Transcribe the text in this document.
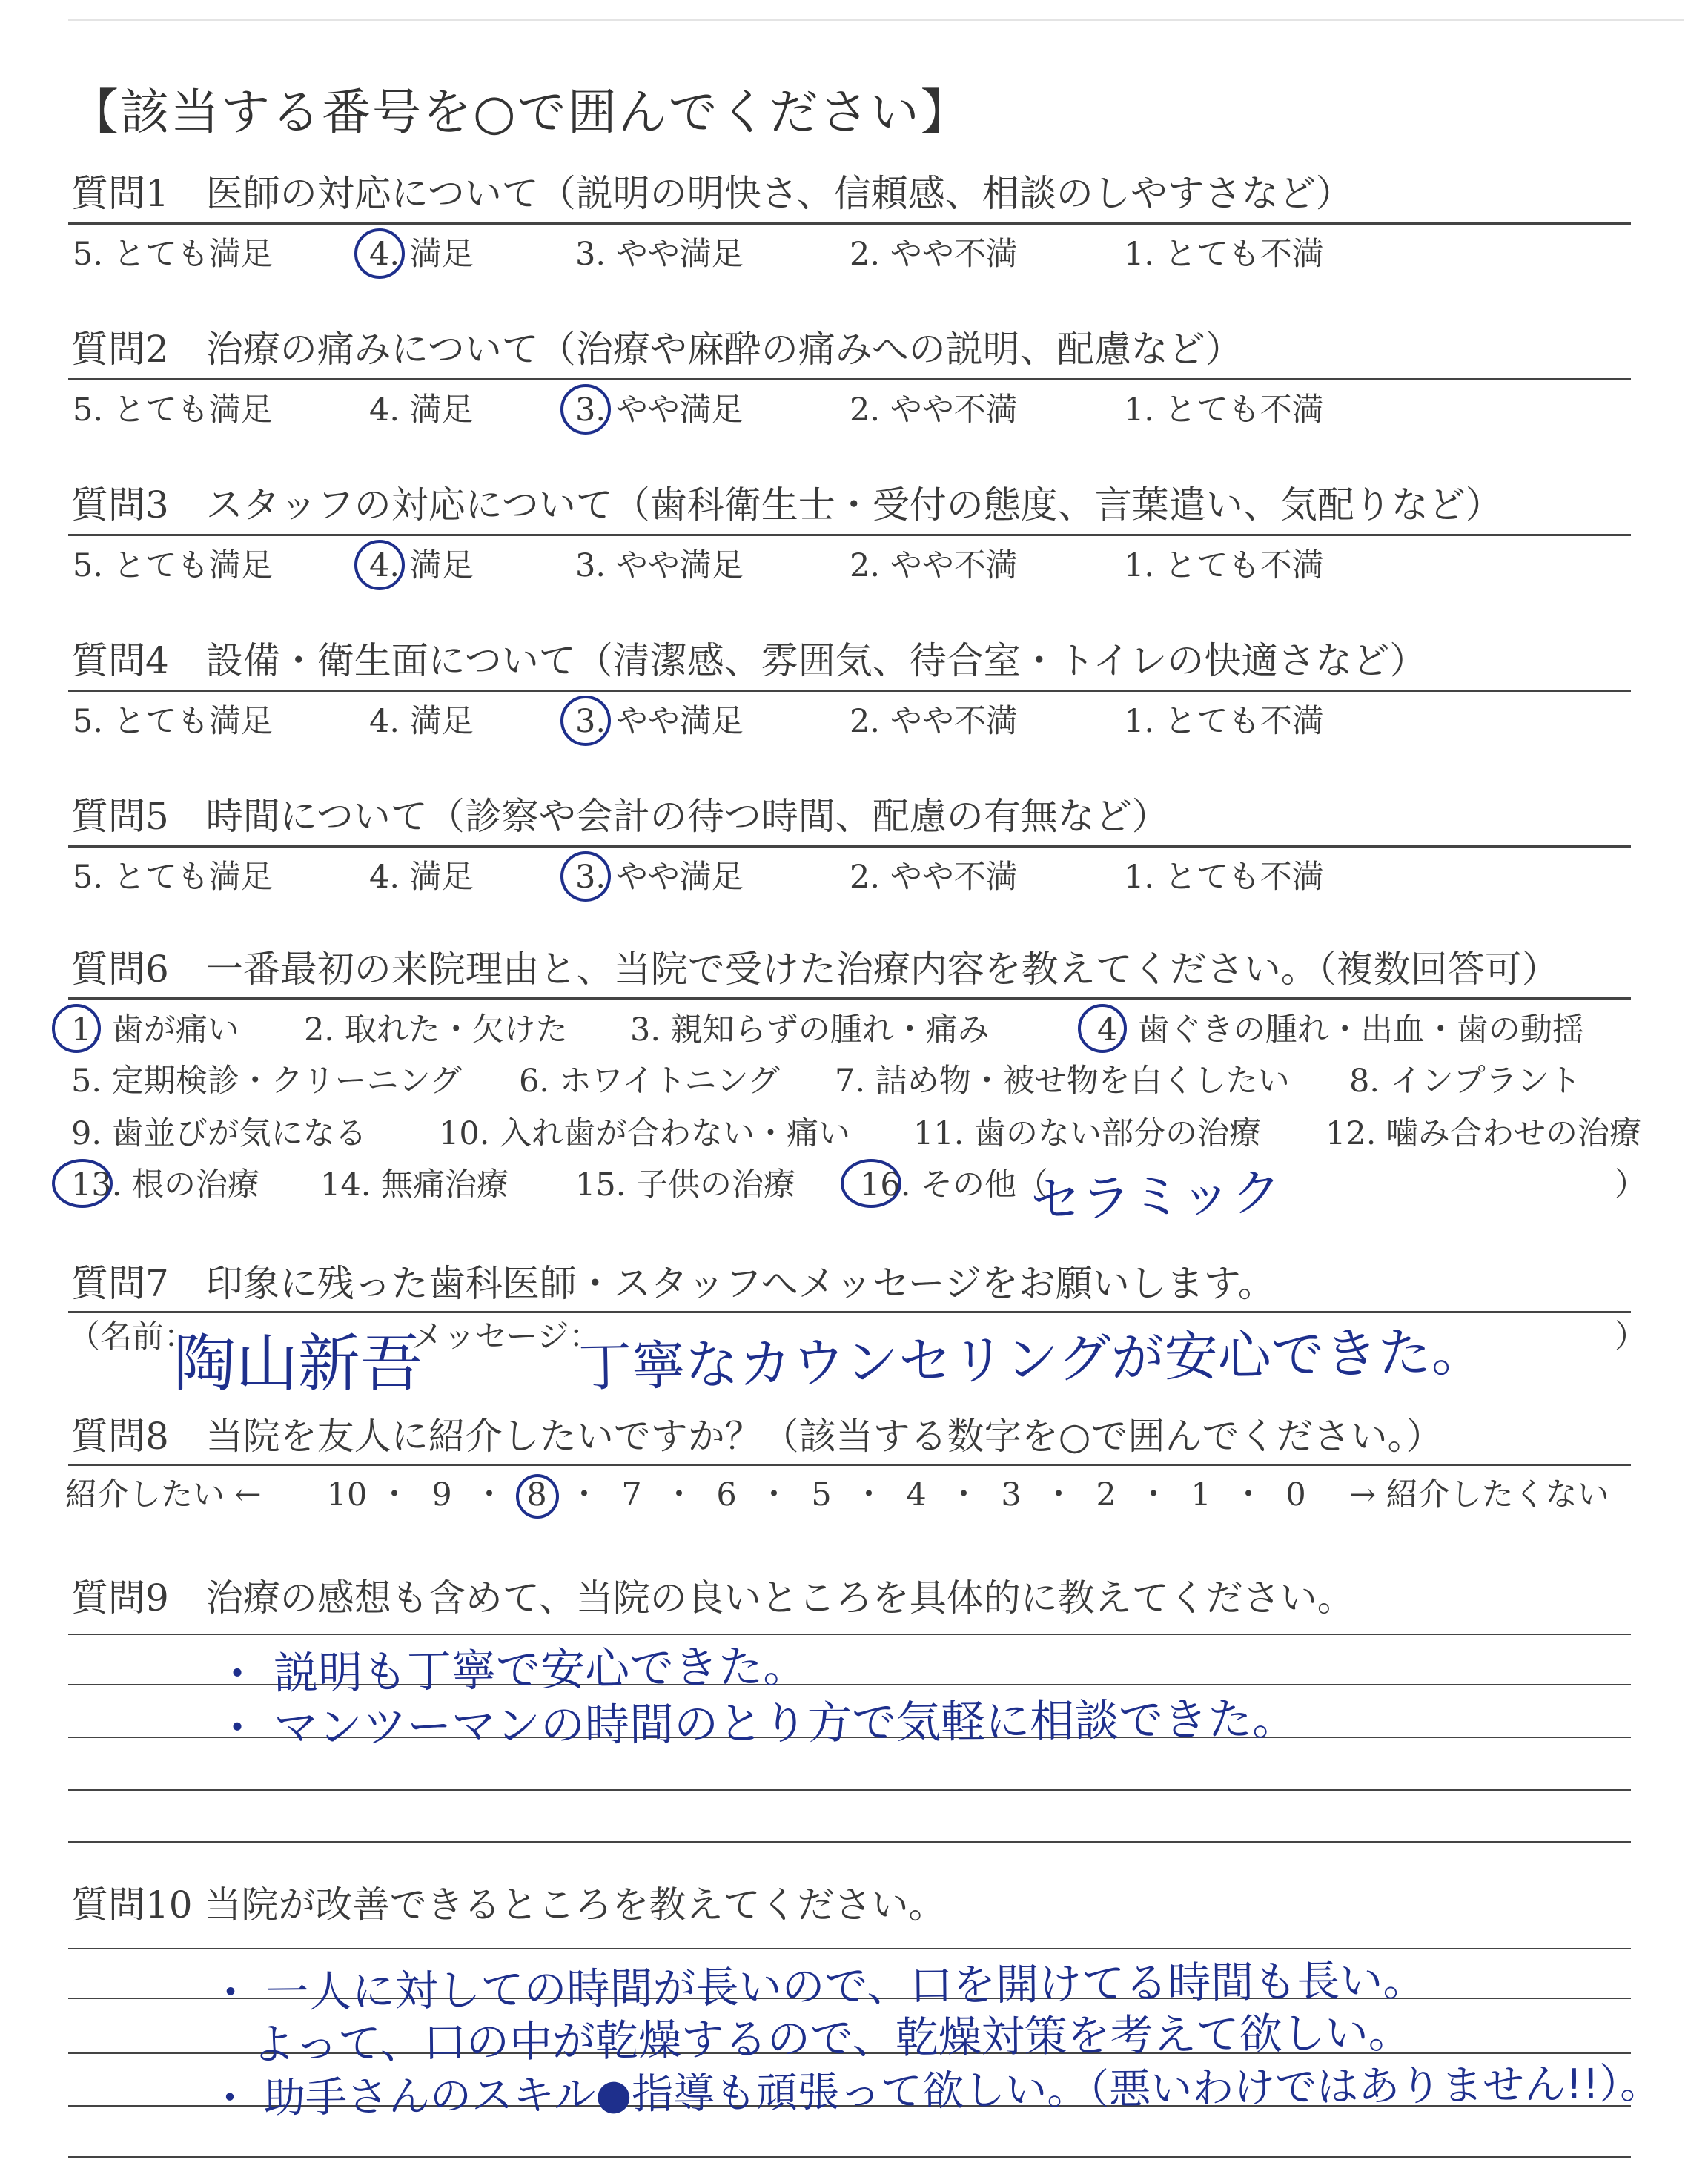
【該当する番号を○で囲んでください】
質問1　医師の対応について（説明の明快さ、信頼感、相談のしやすさなど）
5. とても満足	4. 満足	3. やや満足	2. やや不満	1. とても不満
質問2　治療の痛みについて（治療や麻酔の痛みへの説明、配慮など）
5. とても満足	4. 満足	3. やや満足	2. やや不満	1. とても不満
質問3　スタッフの対応について（歯科衛生士・受付の態度、言葉遣い、気配りなど）
5. とても満足	4. 満足	3. やや満足	2. やや不満	1. とても不満
質問4　設備・衛生面について（清潔感、雰囲気、待合室・トイレの快適さなど）
5. とても満足	4. 満足	3. やや満足	2. やや不満	1. とても不満
質問5　時間について（診察や会計の待つ時間、配慮の有無など）
5. とても満足	4. 満足	3. やや満足	2. やや不満	1. とても不満
質問6　一番最初の来院理由と、当院で受けた治療内容を教えてください。（複数回答可）
1. 歯が痛い 2. 取れた・欠けた 3. 親知らずの腫れ・痛み	4. 歯ぐきの腫れ・出血・歯の動揺
5. 定期検診・クリーニング 6. ホワイトニング 7. 詰め物・被せ物を白くしたい 8. インプラント
9. 歯並びが気になる 10. 入れ歯が合わない・痛い 11. 歯のない部分の治療 12. 噛み合わせの治療
13. 根の治療 14. 無痛治療 15. 子供の治療 16. その他（	）
セラミック
質問7　印象に残った歯科医師・スタッフへメッセージをお願いします。
（名前：	メッセージ：	）
陶山新吾	丁寧なカウンセリングが安心できた。
質問8　当院を友人に紹介したいですか？（該当する数字を○で囲んでください。）
紹介したい ← 10 ・ 9 ・ 8 ・ 7 ・ 6 ・ 5 ・ 4 ・ 3 ・ 2 ・ 1 ・ 0	→ 紹介したくない
質問9　治療の感想も含めて、当院の良いところを具体的に教えてください。
・ 説明も丁寧で安心できた。
・ マンツーマンの時間のとり方で気軽に相談できた。
質問10 当院が改善できるところを教えてください。
・ 一人に対しての時間が長いので、口を開けてる時間も長い。
よって、口の中が乾燥するので、乾燥対策を考えて欲しい。
・ 助手さんのスキル●指導も頑張って欲しい。（悪いわけではありません!!）。
